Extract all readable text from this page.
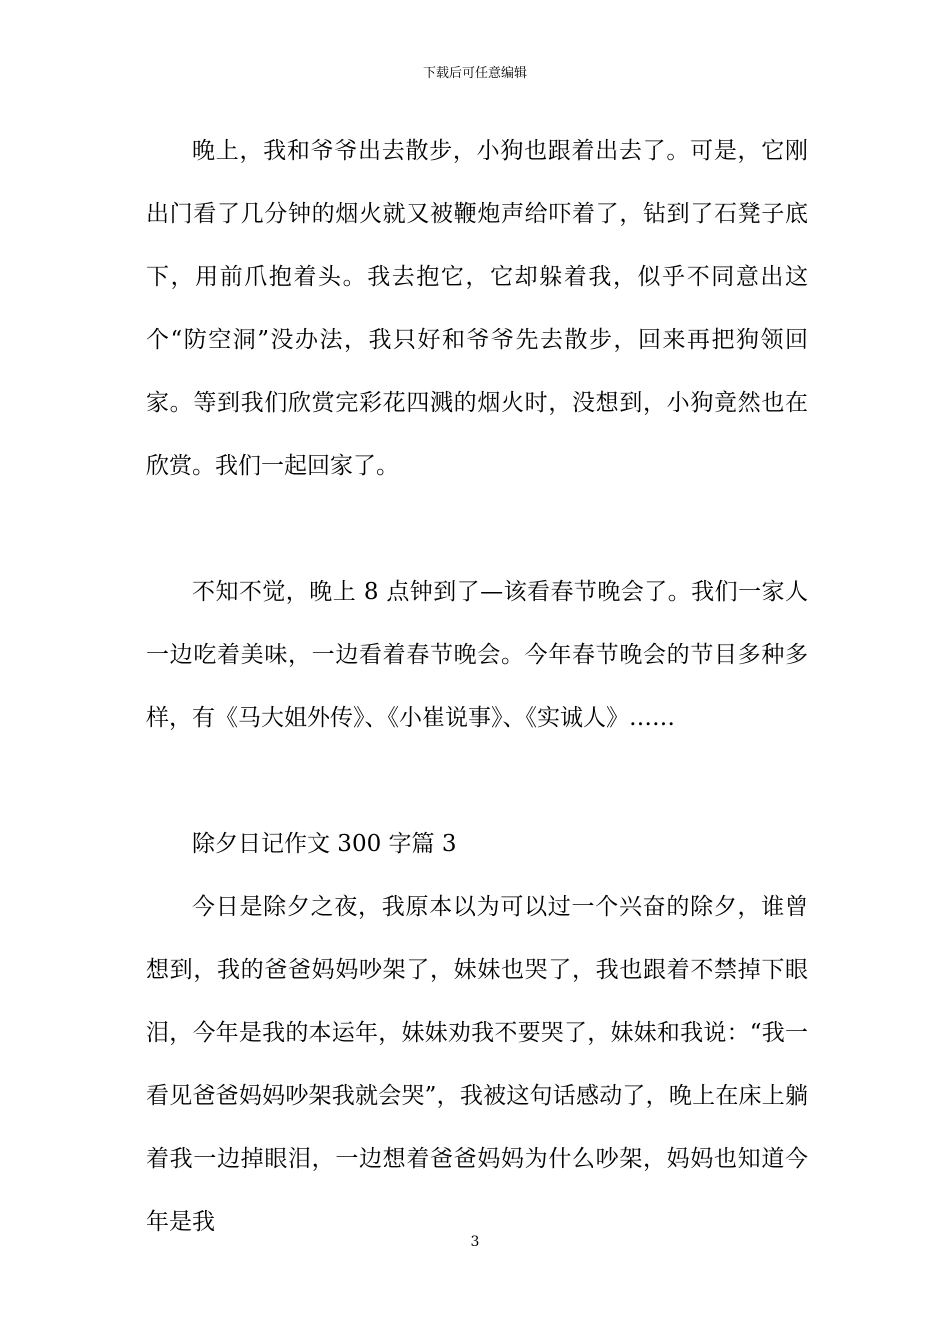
下载后可任意编辑

晚上，我和爷爷出去散步，小狗也跟着出去了。可是，它刚出门看了几分钟的烟火就又被鞭炮声给吓着了，钻到了石凳子底下，用前爪抱着头。我去抱它，它却躲着我，似乎不同意出这个“防空洞”没办法，我只好和爷爷先去散步，回来再把狗领回家。等到我们欣赏完彩花四溅的烟火时，没想到，小狗竟然也在欣赏。我们一起回家了。

不知不觉，晚上 8 点钟到了—该看春节晚会了。我们一家人一边吃着美味，一边看着春节晚会。今年春节晚会的节目多种多样，有《马大姐外传》、《小崔说事》、《实诚人》……

除夕日记作文 300 字篇 3

今日是除夕之夜，我原本以为可以过一个兴奋的除夕，谁曾想到，我的爸爸妈妈吵架了，妹妹也哭了，我也跟着不禁掉下眼泪，今年是我的本运年，妹妹劝我不要哭了，妹妹和我说：“我一看见爸爸妈妈吵架我就会哭”，我被这句话感动了，晚上在床上躺着我一边掉眼泪，一边想着爸爸妈妈为什么吵架，妈妈也知道今年是我

3
